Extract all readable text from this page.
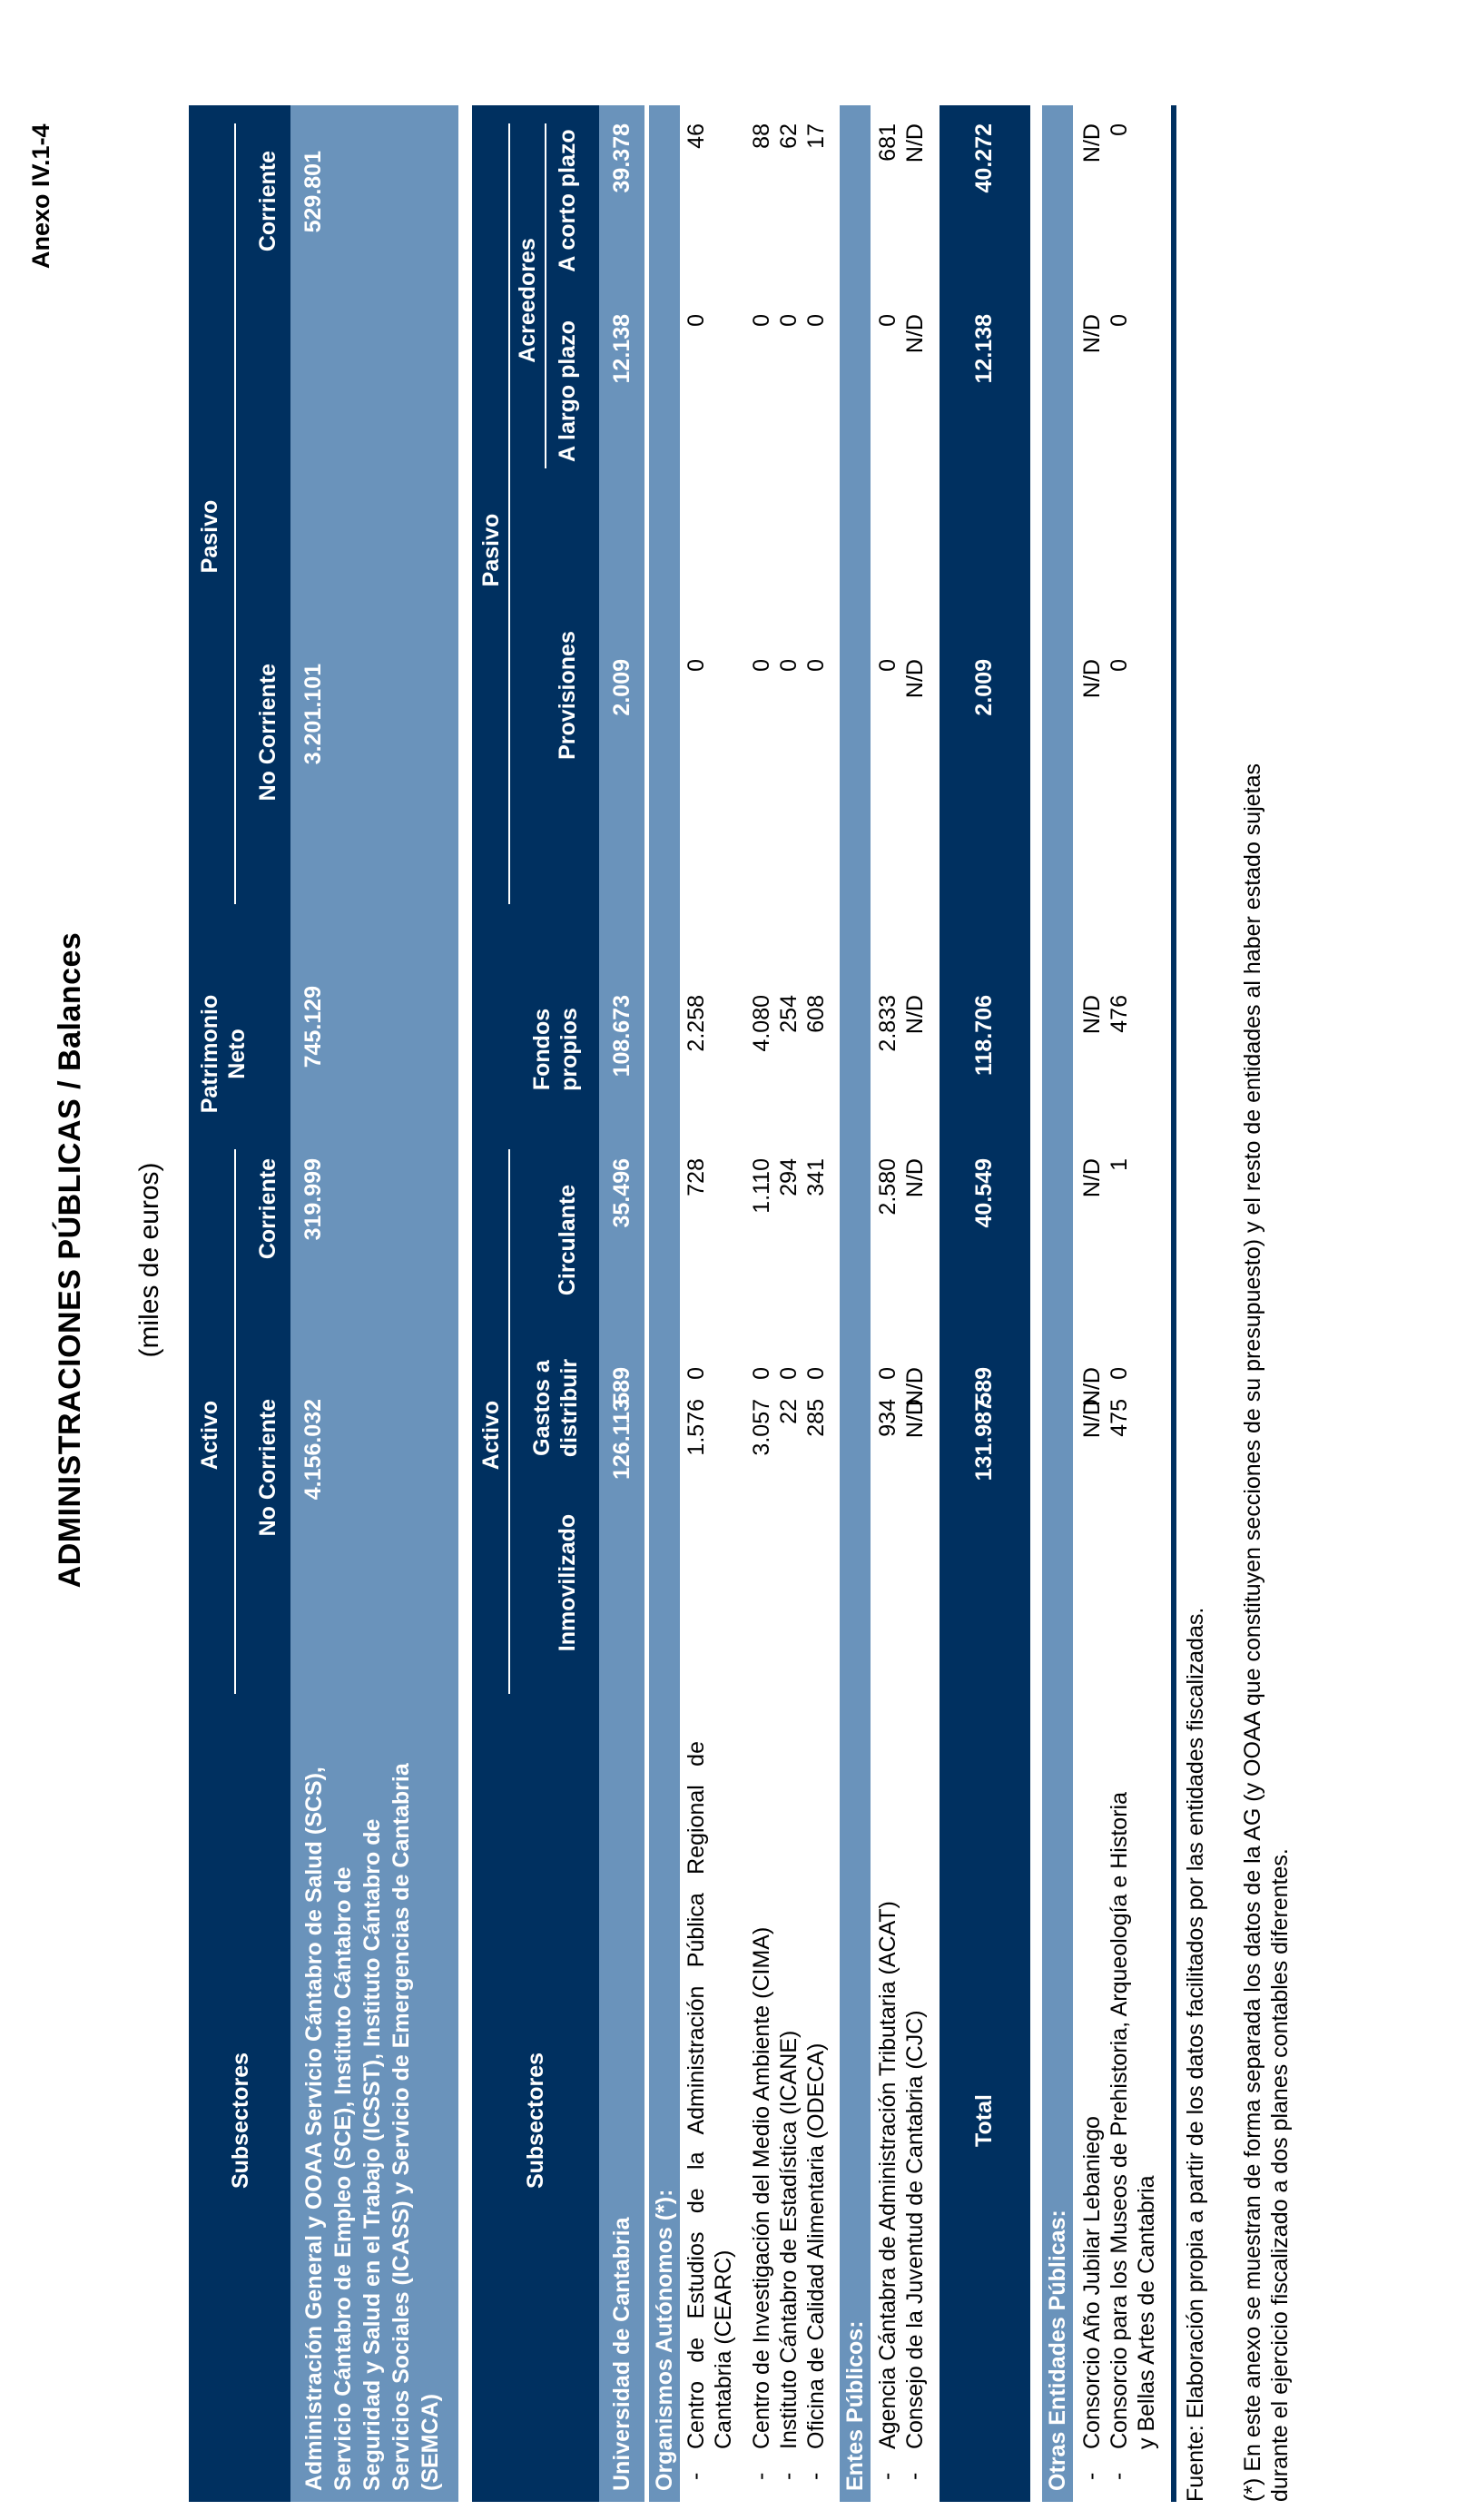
Anexo IV.1-4
ADMINISTRACIONES PÚBLICAS / Balances (miles de euros)
Subsectores
Activo
Patrimonio Neto
Pasivo
No Corriente
Corriente
No Corriente
Corriente
Administración General y OOAA Servicio Cántabro de Salud (SCS), Servicio Cántabro de Empleo (SCE), Instituto Cántabro de Seguridad y Salud en el Trabajo (ICSST), Instituto Cántabro de Servicios Sociales (ICASS) y Servicio de Emergencias de Cantabria (SEMCA)
4.156.032
319.999
745.129
3.201.101
529.801
Subsectores
Activo
Pasivo
Acreedores
Inmovilizado
Gastos a distribuir
Circulante
Fondos propios
Provisiones
A largo plazo
A corto plazo
Universidad de Cantabria
126.113
589
35.496
108.673
2.009
12.138
39.378
Organismos Autónomos (*): -
Centro de Estudios de la Administración Pública Regional de Cantabria (CEARC)
1.576
0
728
2.258
0
0
46
-
Centro de Investigación del Medio Ambiente (CIMA)
3.057
0
1.110
4.080
0
0
88
-
Instituto Cántabro de Estadística (ICANE)
22
0
294
254
0
0
62
-
Oficina de Calidad Alimentaria (ODECA)
285
0
341
608
0
0
17
Entes Públicos: -
Agencia Cántabra de Administración Tributaria (ACAT)
934
0
2.580
2.833
0
0
681
-
Consejo de la Juventud de Cantabria (CJC)
N/D
N/D
N/D
N/D
N/D
N/D
N/D
Total
131.987
589
40.549
118.706
2.009
12.138
40.272
Otras Entidades Públicas: -
Consorcio Año Jubilar Lebaniego
N/D
N/D
N/D
N/D
N/D
N/D
N/D
-
Consorcio para los Museos de Prehistoria, Arqueología e Historia y Bellas Artes de Cantabria
475
0
1
476
0
0
0
Fuente: Elaboración propia a partir de los datos facilitados por las entidades fiscalizadas. (*) En este anexo se muestran de forma separada los datos de la AG (y OOAA que constituyen secciones de su presupuesto) y el resto de entidades al haber estado sujetas durante el ejercicio fiscalizado a dos planes contables diferentes.
